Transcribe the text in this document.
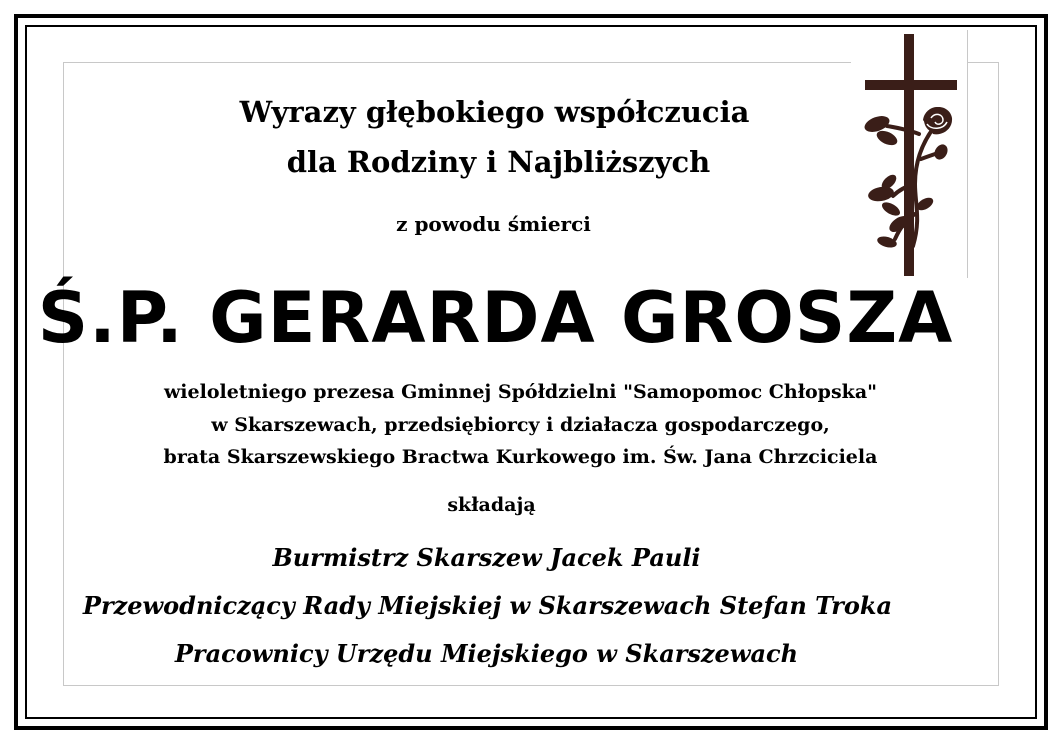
Wyrazy głębokiego współczucia
dla Rodziny i Najbliższych
z powodu śmierci
Ś.P. GERARDA GROSZA
wieloletniego prezesa Gminnej Spółdzielni "Samopomoc Chłopska"
w Skarszewach, przedsiębiorcy i działacza gospodarczego,
brata Skarszewskiego Bractwa Kurkowego im. Św. Jana Chrzciciela
składają
Burmistrz Skarszew Jacek Pauli
Przewodniczący Rady Miejskiej w Skarszewach Stefan Troka
Pracownicy Urzędu Miejskiego w Skarszewach
